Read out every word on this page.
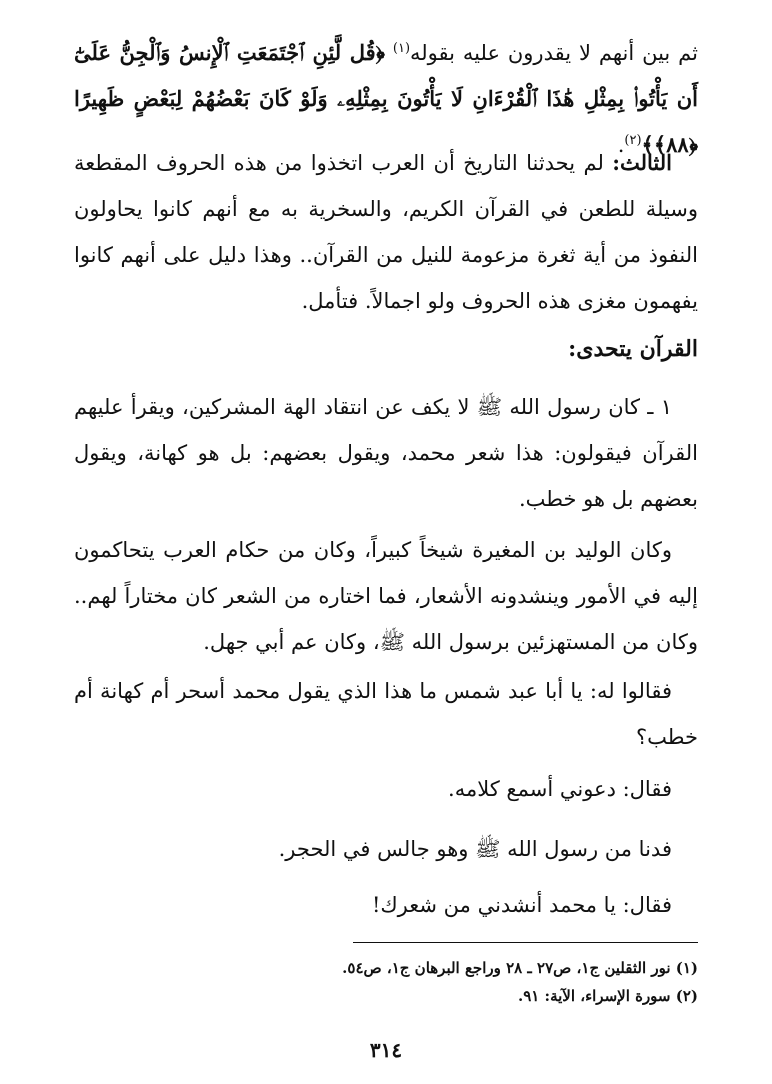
ثم بين أنهم لا يقدرون عليه بقوله$^{(١)}$ ﴿قُل لَّئِنِ ٱجْتَمَعَتِ ٱلْإِنسُ وَٱلْجِنُّ عَلَىٰٓ أَن يَأْتُوا۟ بِمِثْلِ هَٰذَا ٱلْقُرْءَانِ لَا يَأْتُونَ بِمِثْلِهِۦ وَلَوْ كَانَ بَعْضُهُمْ لِبَعْضٍ ظَهِيرًا ﴿٨٨﴾﴾$^{(٢)}$.

الثالث: لم يحدثنا التاريخ أن العرب اتخذوا من هذه الحروف المقطعة وسيلة للطعن في القرآن الكريم، والسخرية به مع أنهم كانوا يحاولون النفوذ من أية ثغرة مزعومة للنيل من القرآن.. وهذا دليل على أنهم كانوا يفهمون مغزى هذه الحروف ولو اجمالاً. فتأمل.

القرآن يتحدى:

١ ـ كان رسول الله ﷺ لا يكف عن انتقاد الهة المشركين، ويقرأ عليهم القرآن فيقولون: هذا شعر محمد، ويقول بعضهم: بل هو كهانة، ويقول بعضهم بل هو خطب.

وكان الوليد بن المغيرة شيخاً كبيراً، وكان من حكام العرب يتحاكمون إليه في الأمور وينشدونه الأشعار، فما اختاره من الشعر كان مختاراً لهم.. وكان من المستهزئين برسول الله ﷺ، وكان عم أبي جهل.

فقالوا له: يا أبا عبد شمس ما هذا الذي يقول محمد أسحر أم كهانة أم خطب؟

فقال: دعوني أسمع كلامه.

فدنا من رسول الله ﷺ وهو جالس في الحجر.

فقال: يا محمد أنشدني من شعرك!

(١) نور الثقلين ج١، ص٢٧ ـ ٢٨ وراجع البرهان ج١، ص٥٤.

(٢) سورة الإسراء، الآية: ٩١.

٣١٤
